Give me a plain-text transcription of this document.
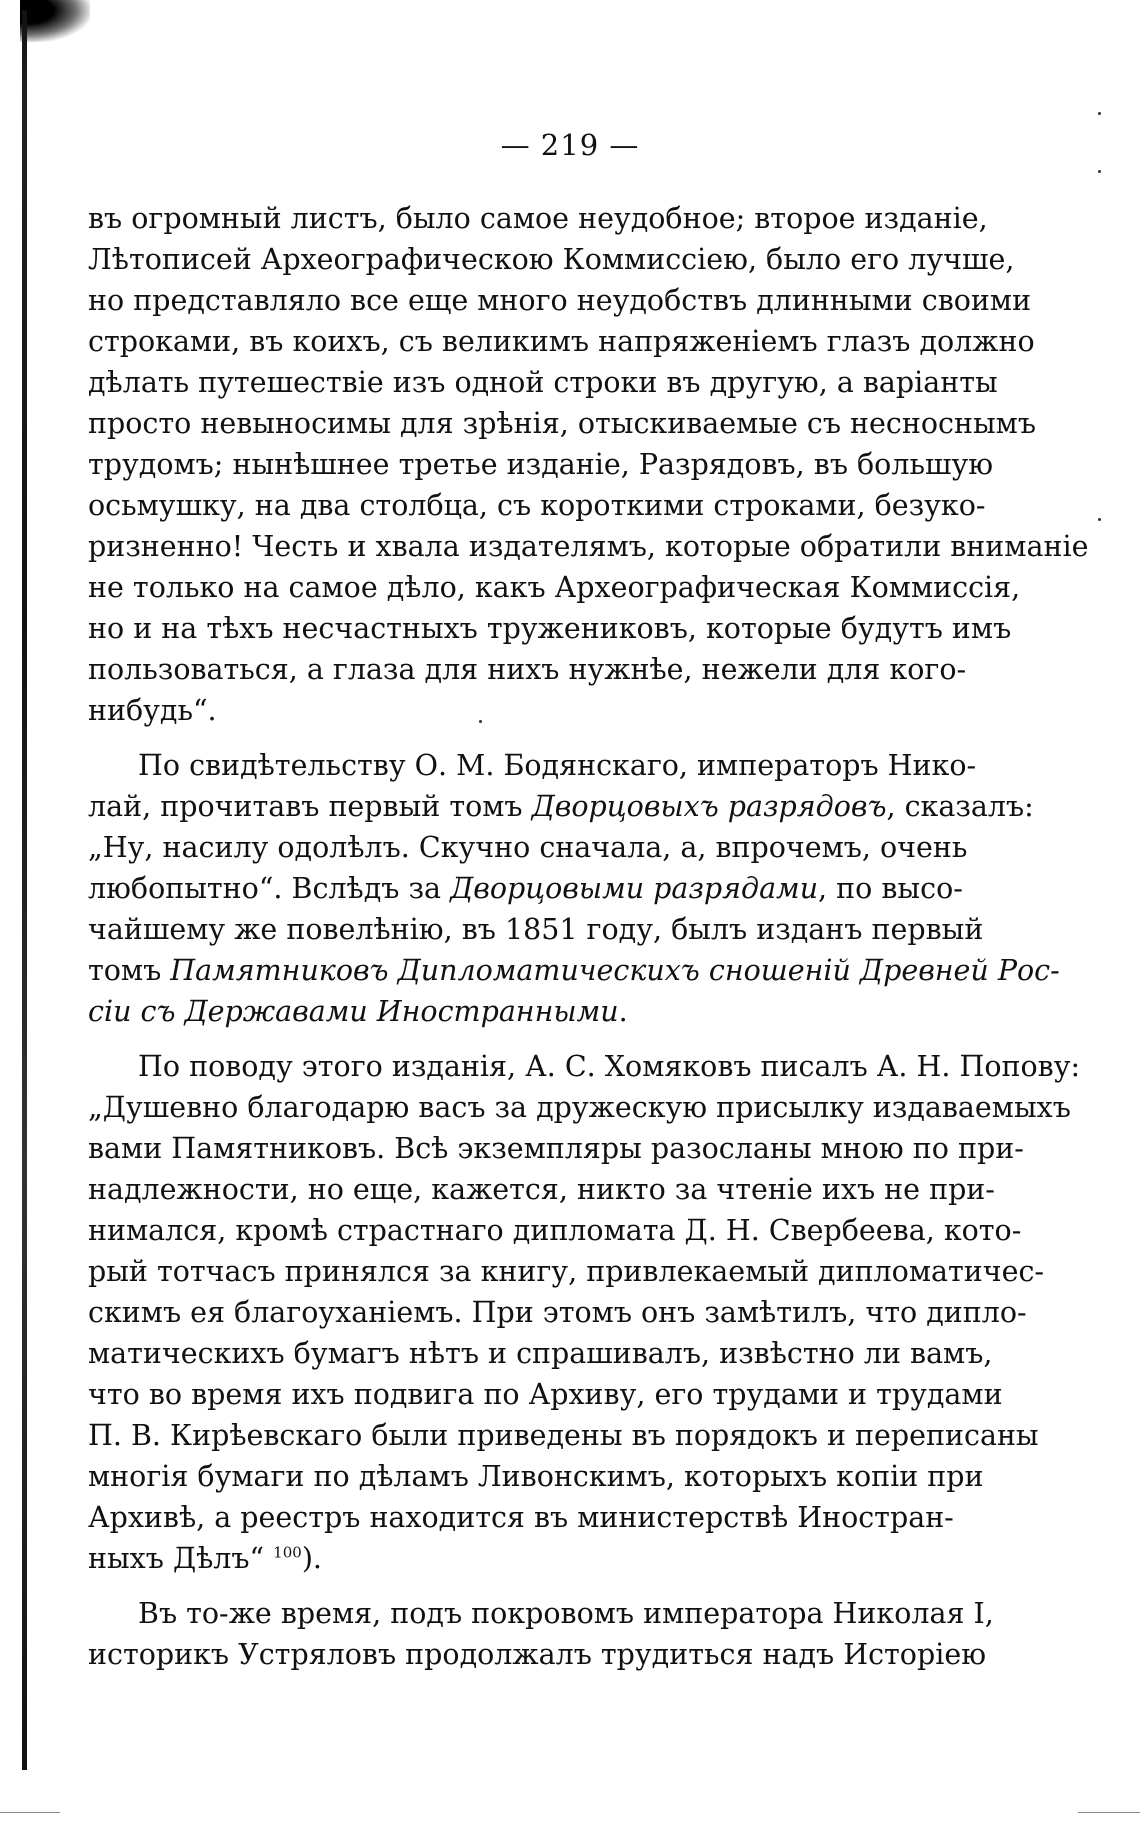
— 219 —
въ огромный листъ, было самое неудобное; второе изданіе,
Лѣтописей Археографическою Коммиссіею, было его лучше,
но представляло все еще много неудобствъ длинными своими
строками, въ коихъ, съ великимъ напряженіемъ глазъ должно
дѣлать путешествіе изъ одной строки въ другую, а варіанты
просто невыносимы для зрѣнія, отыскиваемые съ несноснымъ
трудомъ; нынѣшнее третье изданіе, Разрядовъ, въ большую
осьмушку, на два столбца, съ короткими строками, безуко-
ризненно! Честь и хвала издателямъ, которые обратили вниманіе
не только на самое дѣло, какъ Археографическая Коммиссія,
но и на тѣхъ несчастныхъ тружениковъ, которые будутъ имъ
пользоваться, а глаза для нихъ нужнѣе, нежели для кого-
нибудь“.
По свидѣтельству О. М. Бодянскаго, императоръ Нико-
лай, прочитавъ первый томъ Дворцовыхъ разрядовъ, сказалъ:
„Ну, насилу одолѣлъ. Скучно сначала, а, впрочемъ, очень
любопытно“. Вслѣдъ за Дворцовыми разрядами, по высо-
чайшему же повелѣнію, въ 1851 году, былъ изданъ первый
томъ Памятниковъ Дипломатическихъ сношеній Древней Рос-
сіи съ Державами Иностранными.
По поводу этого изданія, А. С. Хомяковъ писалъ А. Н. Попову:
„Душевно благодарю васъ за дружескую присылку издаваемыхъ
вами Памятниковъ. Всѣ экземпляры разосланы мною по при-
надлежности, но еще, кажется, никто за чтеніе ихъ не при-
нимался, кромѣ страстнаго дипломата Д. Н. Свербеева, кото-
рый тотчасъ принялся за книгу, привлекаемый дипломатичес-
скимъ ея благоуханіемъ. При этомъ онъ замѣтилъ, что дипло-
матическихъ бумагъ нѣтъ и спрашивалъ, извѣстно ли вамъ,
что во время ихъ подвига по Архиву, его трудами и трудами
П. В. Кирѣевскаго были приведены въ порядокъ и переписаны
многія бумаги по дѣламъ Ливонскимъ, которыхъ копіи при
Архивѣ, а реестръ находится въ министерствѣ Иностран-
ныхъ Дѣлъ“ $^{100}$).
Въ то-же время, подъ покровомъ императора Николая I,
историкъ Устряловъ продолжалъ трудиться надъ Исторіею
